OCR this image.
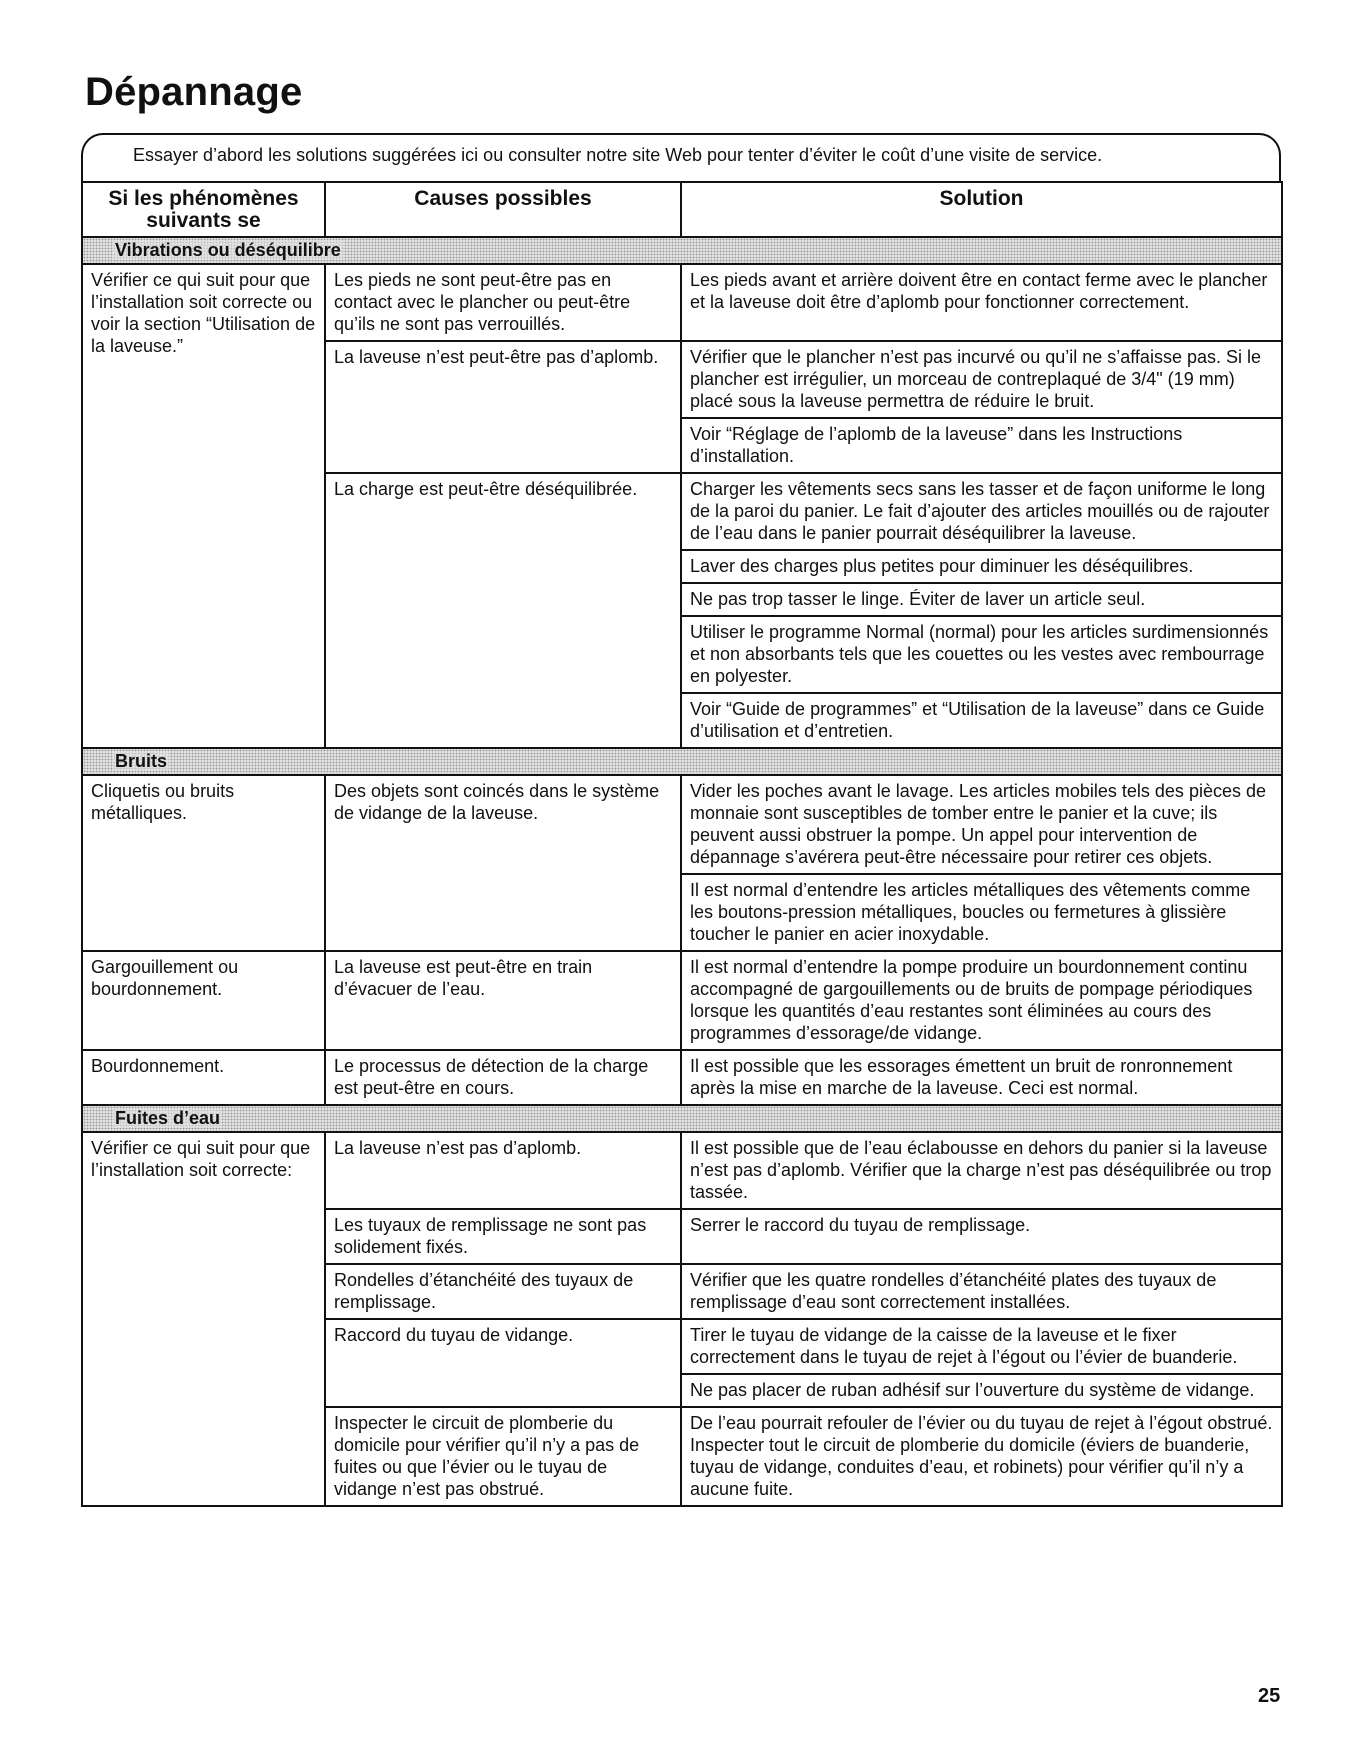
Dépannage
Essayer d’abord les solutions suggérées ici ou consulter notre site Web pour tenter d’éviter le coût d’une visite de service.
Si les phénomènes suivants se	Causes possibles	Solution
Vibrations ou déséquilibre		
Vérifier ce qui suit pour que l’installation soit correcte ou voir la section “Utilisation de la laveuse.”	Les pieds ne sont peut-être pas en contact avec le plancher ou peut-être qu’ils ne sont pas verrouillés.	Les pieds avant et arrière doivent être en contact ferme avec le plancher et la laveuse doit être d’aplomb pour fonctionner correctement.
	La laveuse n’est peut-être pas d’aplomb.	Vérifier que le plancher n’est pas incurvé ou qu’il ne s’affaisse pas. Si le plancher est irrégulier, un morceau de contreplaqué de 3/4" (19 mm) placé sous la laveuse permettra de réduire le bruit.
		Voir “Réglage de l’aplomb de la laveuse” dans les Instructions d’installation.
	La charge est peut-être déséquilibrée.	Charger les vêtements secs sans les tasser et de façon uniforme le long de la paroi du panier. Le fait d’ajouter des articles mouillés ou de rajouter de l’eau dans le panier pourrait déséquilibrer la laveuse.
		Laver des charges plus petites pour diminuer les déséquilibres.
		Ne pas trop tasser le linge. Éviter de laver un article seul.
		Utiliser le programme Normal (normal) pour les articles surdimensionnés et non absorbants tels que les couettes ou les vestes avec rembourrage en polyester.
		Voir “Guide de programmes” et “Utilisation de la laveuse” dans ce Guide d’utilisation et d’entretien.
Bruits		
Cliquetis ou bruits métalliques.	Des objets sont coincés dans le système de vidange de la laveuse.	Vider les poches avant le lavage. Les articles mobiles tels des pièces de monnaie sont susceptibles de tomber entre le panier et la cuve; ils peuvent aussi obstruer la pompe. Un appel pour intervention de dépannage s’avérera peut-être nécessaire pour retirer ces objets.
		Il est normal d’entendre les articles métalliques des vêtements comme les boutons-pression métalliques, boucles ou fermetures à glissière toucher le panier en acier inoxydable.
Gargouillement ou bourdonnement.	La laveuse est peut-être en train d’évacuer de l’eau.	Il est normal d’entendre la pompe produire un bourdonnement continu accompagné de gargouillements ou de bruits de pompage périodiques lorsque les quantités d’eau restantes sont éliminées au cours des programmes d’essorage/de vidange.
Bourdonnement.	Le processus de détection de la charge est peut-être en cours.	Il est possible que les essorages émettent un bruit de ronronnement après la mise en marche de la laveuse. Ceci est normal.
Fuites d’eau		
Vérifier ce qui suit pour que l’installation soit correcte:	La laveuse n’est pas d’aplomb.	Il est possible que de l’eau éclabousse en dehors du panier si la laveuse n’est pas d’aplomb. Vérifier que la charge n’est pas déséquilibrée ou trop tassée.
	Les tuyaux de remplissage ne sont pas solidement fixés.	Serrer le raccord du tuyau de remplissage.
	Rondelles d’étanchéité des tuyaux de remplissage.	Vérifier que les quatre rondelles d’étanchéité plates des tuyaux de remplissage d’eau sont correctement installées.
	Raccord du tuyau de vidange.	Tirer le tuyau de vidange de la caisse de la laveuse et le fixer correctement dans le tuyau de rejet à l’égout ou l’évier de buanderie.
		Ne pas placer de ruban adhésif sur l’ouverture du système de vidange.
	Inspecter le circuit de plomberie du domicile pour vérifier qu’il n’y a pas de fuites ou que l’évier ou le tuyau de vidange n’est pas obstrué.	De l’eau pourrait refouler de l’évier ou du tuyau de rejet à l’égout obstrué. Inspecter tout le circuit de plomberie du domicile (éviers de buanderie, tuyau de vidange, conduites d’eau, et robinets) pour vérifier qu’il n’y a aucune fuite.
25
